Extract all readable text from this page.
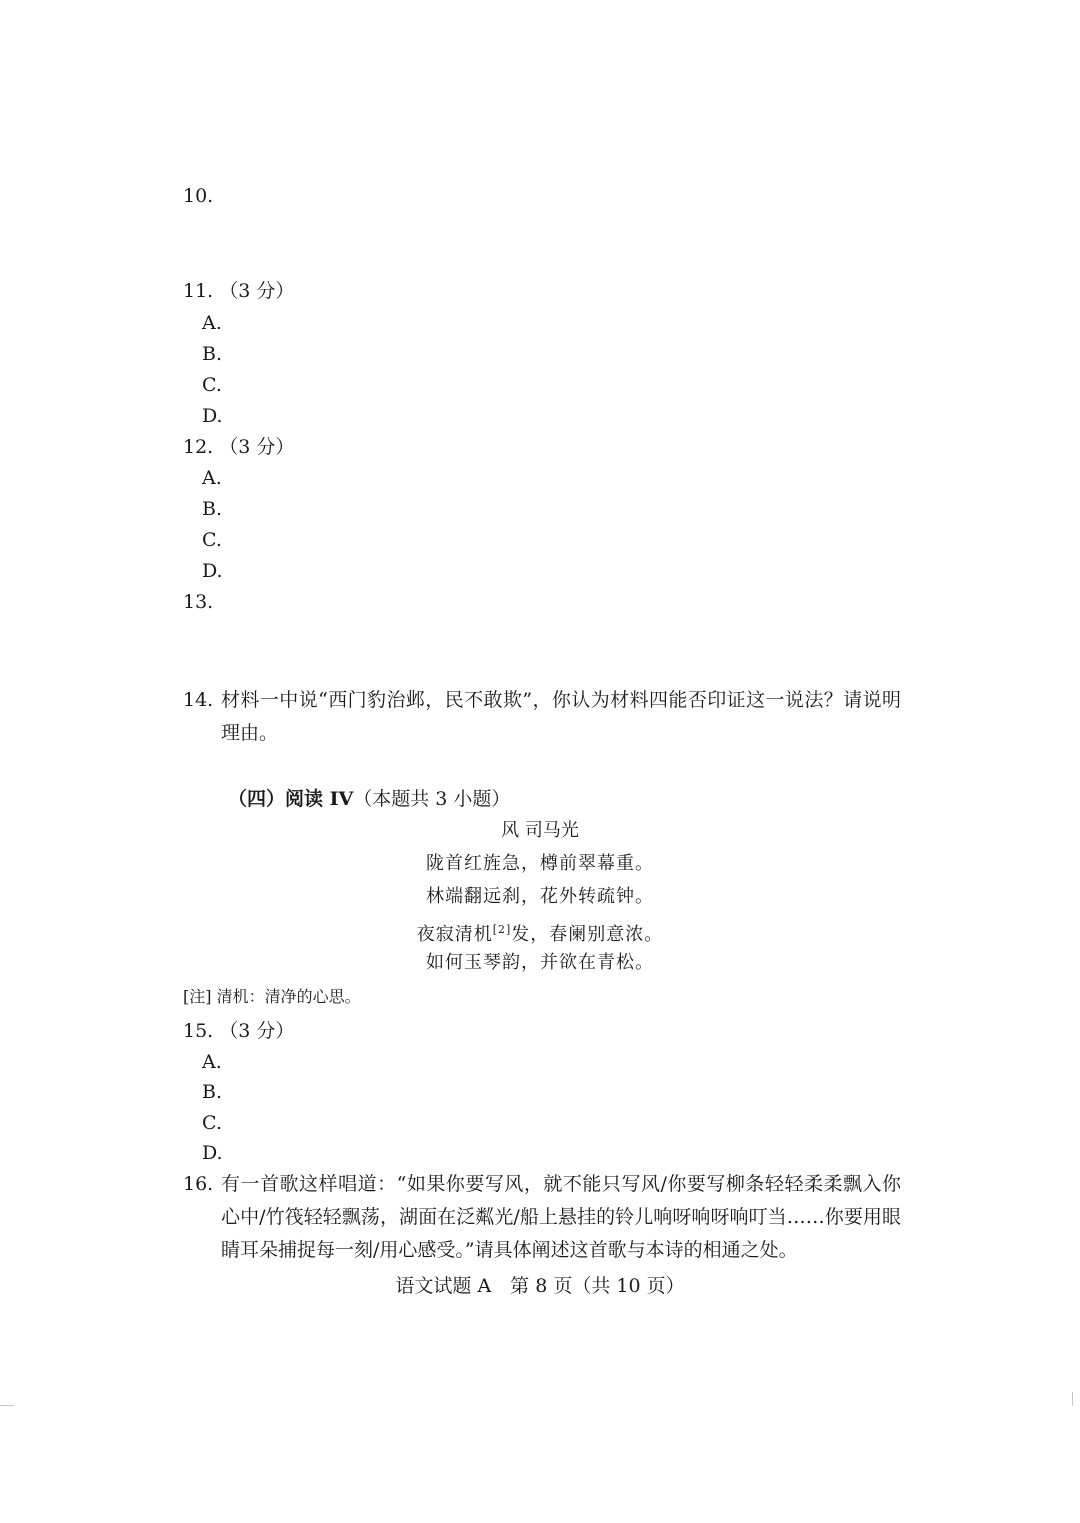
10.
11. （3 分）
A.
B.
C.
D.
12. （3 分）
A.
B.
C.
D.
13.
14. 材料一中说“西门豹治邺，民不敢欺”，你认为材料四能否印证这一说法？请说明理由。
（四）阅读 IV（本题共 3 小题）
风 司马光
陇首红旌急，樽前翠幕重。
林端翻远刹，花外转疏钟。
夜寂清机[2]发，春阑别意浓。
如何玉琴韵，并欲在青松。
[注] 清机：清净的心思。
15. （3 分）
A.
B.
C.
D.
16. 有一首歌这样唱道：“如果你要写风，就不能只写风/你要写柳条轻轻柔柔飘入你心中/竹筏轻轻飘荡，湖面在泛粼光/船上悬挂的铃儿响呀响呀响叮当……你要用眼睛耳朵捕捉每一刻/用心感受。”请具体阐述这首歌与本诗的相通之处。
语文试题 A　第 8 页（共 10 页）
